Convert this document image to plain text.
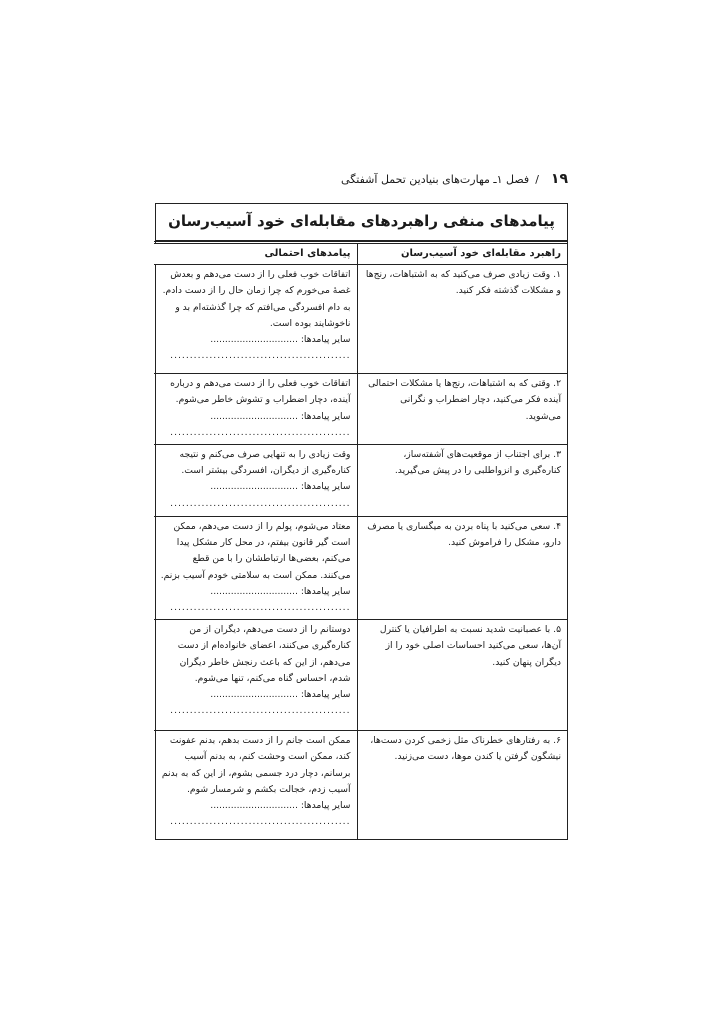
۱۹/فصل ۱ـ مهارت‌های بنیادین تحمل آشفتگی
پیامدهای منفی راهبردهای مقابله‌ای خود آسیب‌رسان
راهبرد مقابله‌ای خود آسیب‌رسان	پیامدهای احتمالی
۱. وقت زیادی صرف می‌کنید که به اشتباهات، رنج‌ها و مشکلات گذشته فکر کنید.	اتفاقات خوب فعلی را از دست می‌دهم و بعدش غصهٔ می‌خورم که چرا زمان حال را از دست دادم. به دام افسردگی می‌افتم که چرا گذشته‌ام بد و ناخوشایند بوده است.
سایر پیامدها: ..............................
..............................................

۲. وقتی که به اشتباهات، رنج‌ها یا مشکلات احتمالی آینده فکر می‌کنید، دچار اضطراب و نگرانی می‌شوید.	اتفاقات خوب فعلی را از دست می‌دهم و درباره آینده، دچار اضطراب و تشوش خاطر می‌شوم.
سایر پیامدها: ..............................
..............................................

۳. برای اجتناب از موقعیت‌های آشفته‌ساز، کناره‌گیری و انزواطلبی را در پیش می‌گیرید.	وقت زیادی را به تنهایی صرف می‌کنم و نتیجه کناره‌گیری از دیگران، افسردگی بیشتر است.
سایر پیامدها: ..............................
..............................................

۴. سعی می‌کنید با پناه بردن به میگساری یا مصرف دارو، مشکل را فراموش کنید.	معتاد می‌شوم، پولم را از دست می‌دهم، ممکن است گیر قانون بیفتم، در محل کار مشکل پیدا می‌کنم، بعضی‌ها ارتباطشان را با من قطع می‌کنند. ممکن است به سلامتی خودم آسیب بزنم.
سایر پیامدها: ..............................
..............................................

۵. با عصبانیت شدید نسبت به اطرافیان یا کنترل آن‌ها، سعی می‌کنید احساسات اصلی خود را از دیگران پنهان کنید.	دوستانم را از دست می‌دهم، دیگران از من کناره‌گیری می‌کنند، اعضای خانواده‌ام از دست می‌دهم، از این که باعث رنجش خاطر دیگران شدم، احساس گناه می‌کنم، تنها می‌شوم.
سایر پیامدها: ..............................
..............................................

۶. به رفتارهای خطرناک مثل زخمی کردن دست‌ها، نیشگون گرفتن یا کندن موها، دست می‌زنید.	ممکن است جانم را از دست بدهم، بدنم عفونت کند، ممکن است وحشت کنم، به بدنم آسیب برسانم، دچار درد جسمی بشوم، از این که به بدنم آسیب زدم، خجالت بکشم و شرمسار شوم.
سایر پیامدها: ..............................
..............................................
